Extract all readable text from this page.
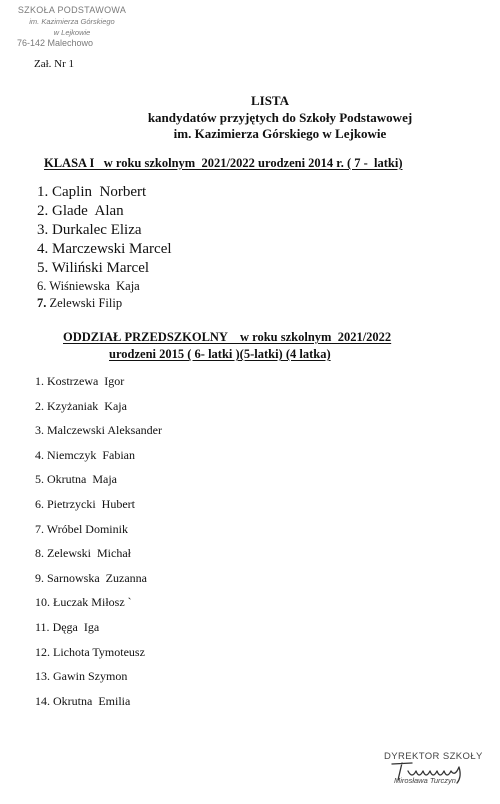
SZKOŁA PODSTAWOWA
im. Kazimierza Górskiego
w Lejkowie
76-142 Malechowo
Zał. Nr 1
LISTA
kandydatów przyjętych do Szkoły Podstawowej
im. Kazimierza Górskiego w Lejkowie
KLASA I   w roku szkolnym  2021/2022 urodzeni 2014 r. ( 7 -  latki)
1. Caplin  Norbert
2. Glade  Alan
3. Durkalec Eliza
4. Marczewski Marcel
5. Wiliński Marcel
6. Wiśniewska  Kaja
7. Zelewski Filip
ODDZIAŁ PRZEDSZKOLNY    w roku szkolnym  2021/2022
urodzeni 2015 ( 6- latki )(5-latki) (4 latka)
1. Kostrzewa  Igor
2. Kzyżaniak  Kaja
3. Malczewski Aleksander
4. Niemczyk  Fabian
5. Okrutna  Maja
6. Pietrzycki  Hubert
7. Wróbel Dominik
8. Zelewski  Michał
9. Sarnowska  Zuzanna
10. Łuczak Miłosz `
11. Dęga  Iga
12. Lichota Tymoteusz
13. Gawin Szymon
14. Okrutna  Emilia
DYREKTOR SZKOŁY
Mirosława Turczyn
